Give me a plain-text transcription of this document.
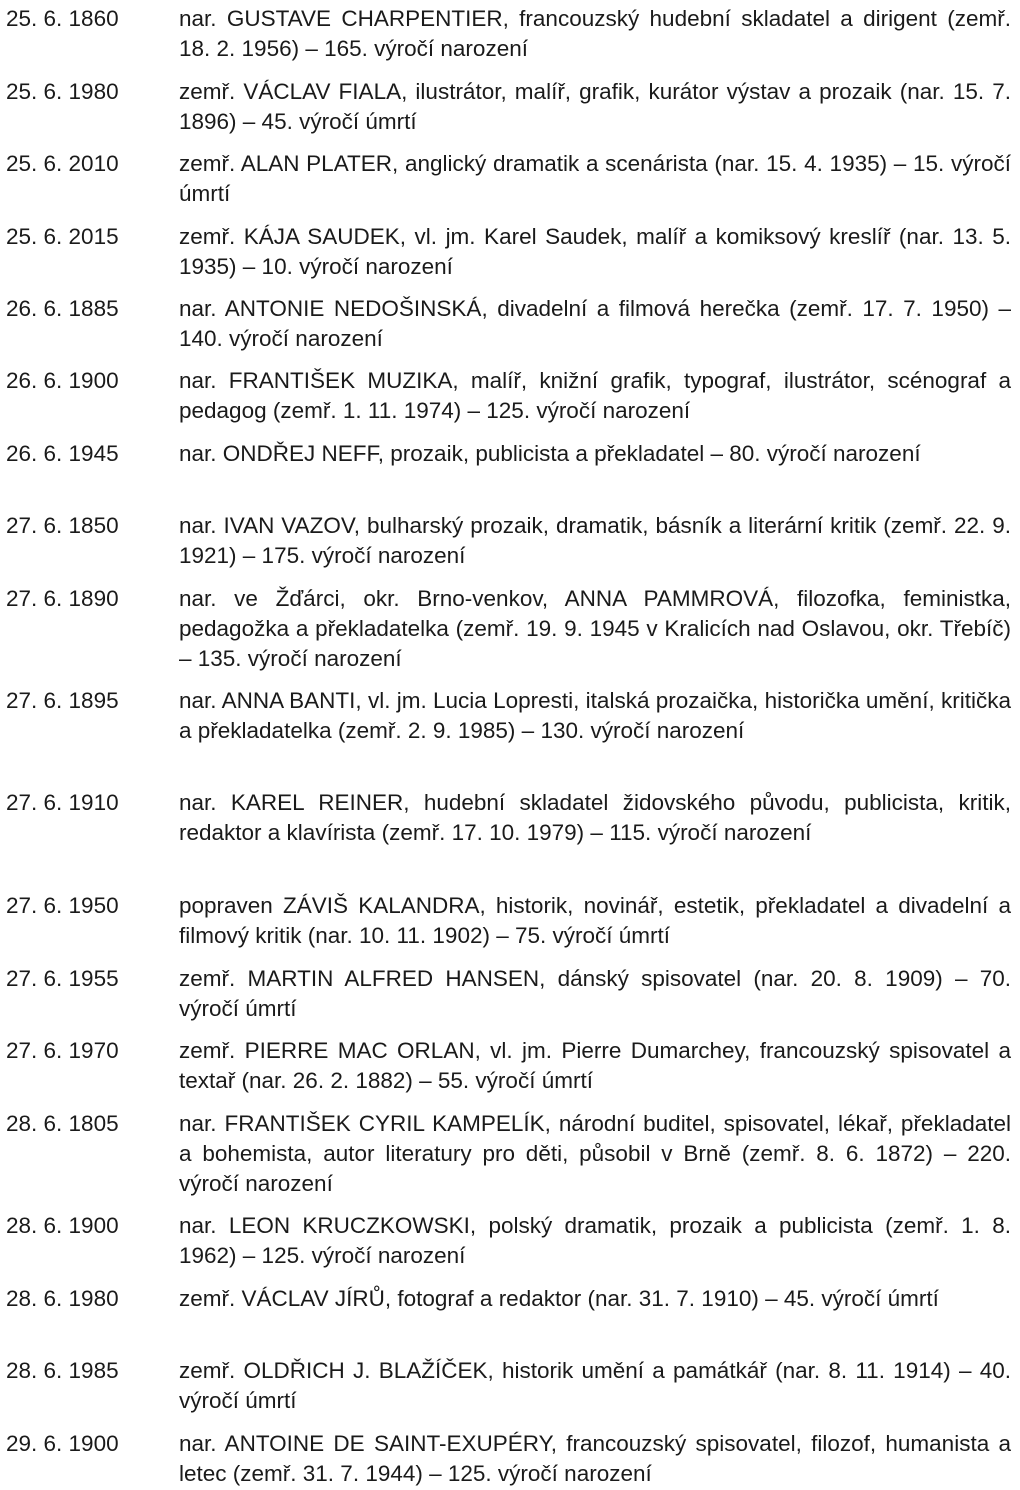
25. 6. 1860	nar. GUSTAVE CHARPENTIER, francouzský hudební skladatel a dirigent (zemř. 18. 2. 1956) – 165. výročí narození

25. 6. 1980	zemř. VÁCLAV FIALA, ilustrátor, malíř, grafik, kurátor výstav a prozaik (nar. 15. 7. 1896) – 45. výročí úmrtí

25. 6. 2010	zemř. ALAN PLATER, anglický dramatik a scenárista (nar. 15. 4. 1935) – 15. výročí úmrtí

25. 6. 2015	zemř. KÁJA SAUDEK, vl. jm. Karel Saudek, malíř a komiksový kreslíř (nar. 13. 5. 1935) – 10. výročí narození

26. 6. 1885	nar. ANTONIE NEDOŠINSKÁ, divadelní a filmová herečka (zemř. 17. 7. 1950) – 140. výročí narození

26. 6. 1900	nar. FRANTIŠEK MUZIKA, malíř, knižní grafik, typograf, ilustrátor, scénograf a pedagog (zemř. 1. 11. 1974) – 125. výročí narození

26. 6. 1945	nar. ONDŘEJ NEFF, prozaik, publicista a překladatel – 80. výročí narození

27. 6. 1850	nar. IVAN VAZOV, bulharský prozaik, dramatik, básník a literární kritik (zemř. 22. 9. 1921) – 175. výročí narození

27. 6. 1890	nar. ve Žďárci, okr. Brno-venkov, ANNA PAMMROVÁ, filozofka, feministka, pedagožka a překladatelka (zemř. 19. 9. 1945 v Kralicích nad Oslavou, okr. Třebíč) – 135. výročí narození

27. 6. 1895	nar. ANNA BANTI, vl. jm. Lucia Lopresti, italská prozaička, historička umění, kritička a překladatelka (zemř. 2. 9. 1985) – 130. výročí narození

27. 6. 1910	nar. KAREL REINER, hudební skladatel židovského původu, publicista, kritik, redaktor a klavírista (zemř. 17. 10. 1979) – 115. výročí narození

27. 6. 1950	popraven ZÁVIŠ KALANDRA, historik, novinář, estetik, překladatel a divadelní a filmový kritik (nar. 10. 11. 1902) – 75. výročí úmrtí

27. 6. 1955	zemř. MARTIN ALFRED HANSEN, dánský spisovatel (nar. 20. 8. 1909) – 70. výročí úmrtí

27. 6. 1970	zemř. PIERRE MAC ORLAN, vl. jm. Pierre Dumarchey, francouzský spisovatel a textař (nar. 26. 2. 1882) – 55. výročí úmrtí

28. 6. 1805	nar. FRANTIŠEK CYRIL KAMPELÍK, národní buditel, spisovatel, lékař, překladatel a bohemista, autor literatury pro děti, působil v Brně (zemř. 8. 6. 1872) – 220. výročí narození

28. 6. 1900	nar. LEON KRUCZKOWSKI, polský dramatik, prozaik a publicista (zemř. 1. 8. 1962) – 125. výročí narození

28. 6. 1980	zemř. VÁCLAV JÍRŮ, fotograf a redaktor (nar. 31. 7. 1910) – 45. výročí úmrtí

28. 6. 1985	zemř. OLDŘICH J. BLAŽÍČEK, historik umění a památkář (nar. 8. 11. 1914) – 40. výročí úmrtí

29. 6. 1900	nar. ANTOINE DE SAINT-EXUPÉRY, francouzský spisovatel, filozof, humanista a letec (zemř. 31. 7. 1944) – 125. výročí narození
